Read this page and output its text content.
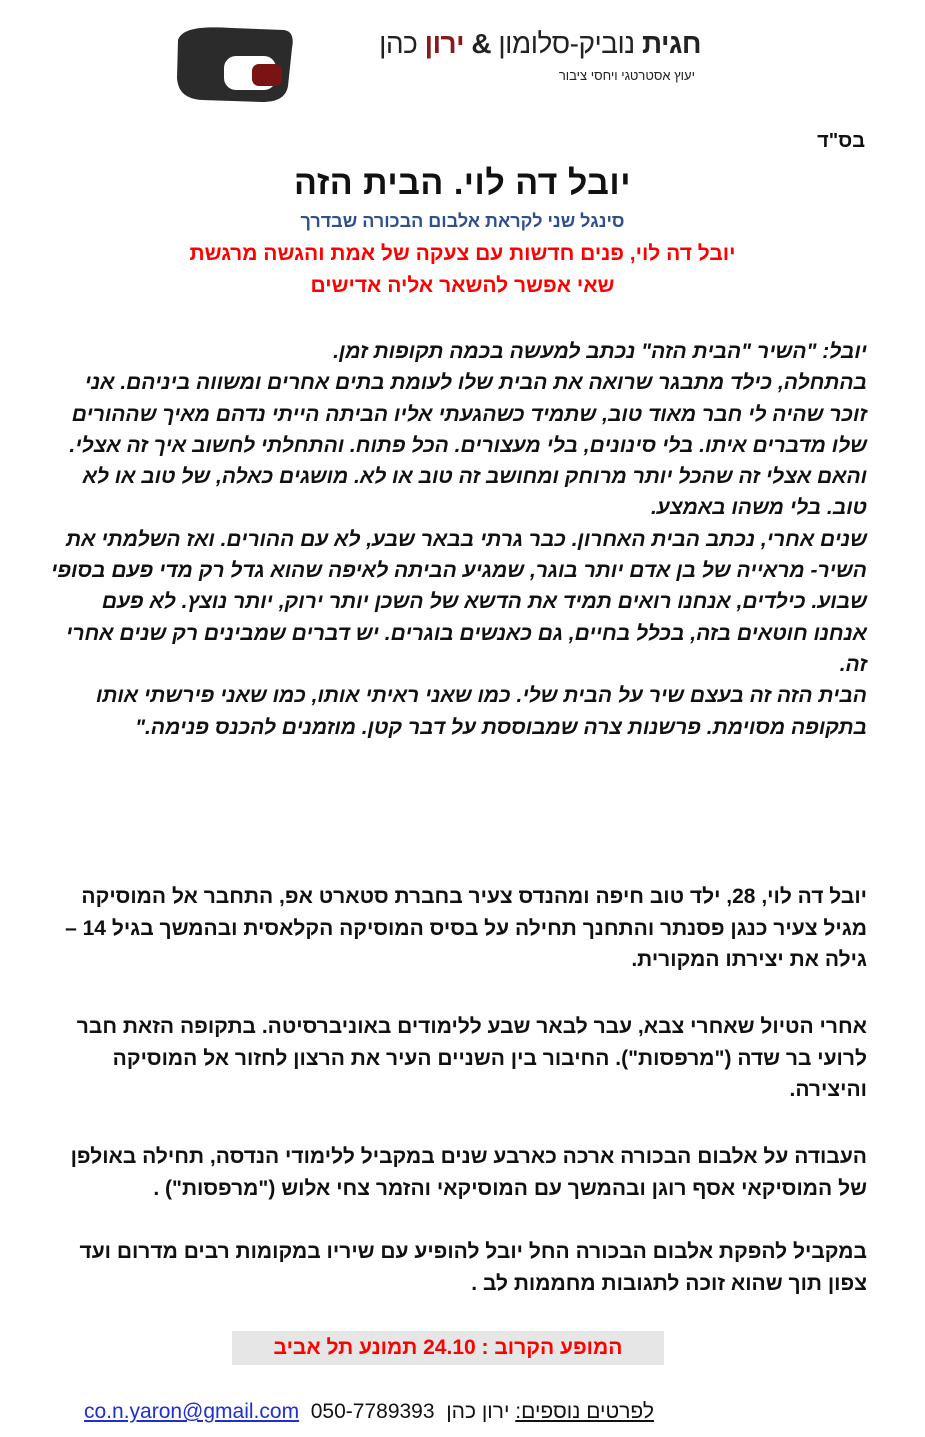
חגית נוביק-סלומון & ירון כהן
יעוץ אסטרטגי ויחסי ציבור
בס"ד
יובל דה לוי. הבית הזה
סינגל שני לקראת אלבום הבכורה שבדרך
יובל דה לוי, פנים חדשות עם צעקה של אמת והגשה מרגשת
שאי אפשר להשאר אליה אדישים

יובל: "השיר "הבית הזה" נכתב למעשה בכמה תקופות זמן.

בהתחלה, כילד מתבגר שרואה את הבית שלו לעומת בתים אחרים ומשווה ביניהם. אני זוכר שהיה לי חבר מאוד טוב, שתמיד כשהגעתי אליו הביתה הייתי נדהם מאיך שההורים שלו מדברים איתו. בלי סינונים, בלי מעצורים. הכל פתוח. והתחלתי לחשוב איך זה אצלי. והאם אצלי זה שהכל יותר מרוחק ומחושב זה טוב או לא. מושגים כאלה, של טוב או לא טוב. בלי משהו באמצע.

שנים אחרי, נכתב הבית האחרון. כבר גרתי בבאר שבע, לא עם ההורים. ואז השלמתי את השיר- מראייה של בן אדם יותר בוגר, שמגיע הביתה לאיפה שהוא גדל רק מדי פעם בסופי שבוע. כילדים, אנחנו רואים תמיד את הדשא של השכן יותר ירוק, יותר נוצץ. לא פעם אנחנו חוטאים בזה, בכלל בחיים, גם כאנשים בוגרים. יש דברים שמבינים רק שנים אחרי זה.

הבית הזה זה בעצם שיר על הבית שלי. כמו שאני ראיתי אותו, כמו שאני פירשתי אותו בתקופה מסוימת. פרשנות צרה שמבוססת על דבר קטן. מוזמנים להכנס פנימה."

יובל דה לוי, 28, ילד טוב חיפה ומהנדס צעיר בחברת סטארט אפ, התחבר אל המוסיקה מגיל צעיר כנגן פסנתר והתחנך תחילה על בסיס המוסיקה הקלאסית ובהמשך בגיל 14 – גילה את יצירתו המקורית.

אחרי הטיול שאחרי צבא, עבר לבאר שבע ללימודים באוניברסיטה. בתקופה הזאת חבר לרועי בר שדה ("מרפסות"). החיבור בין השניים העיר את הרצון לחזור אל המוסיקה והיצירה.

העבודה על אלבום הבכורה ארכה כארבע שנים במקביל ללימודי הנדסה, תחילה באולפן של המוסיקאי אסף רוגן ובהמשך עם המוסיקאי והזמר צחי אלוש ("מרפסות") .

במקביל להפקת אלבום הבכורה החל יובל להופיע עם שיריו במקומות רבים מדרום ועד צפון תוך שהוא זוכה לתגובות מחממות לב .

המופע הקרוב : 24.10 תמונע תל אביב
לפרטים נוספים: ירון כהן  co.n.yaron@gmail.com 050-7789393
